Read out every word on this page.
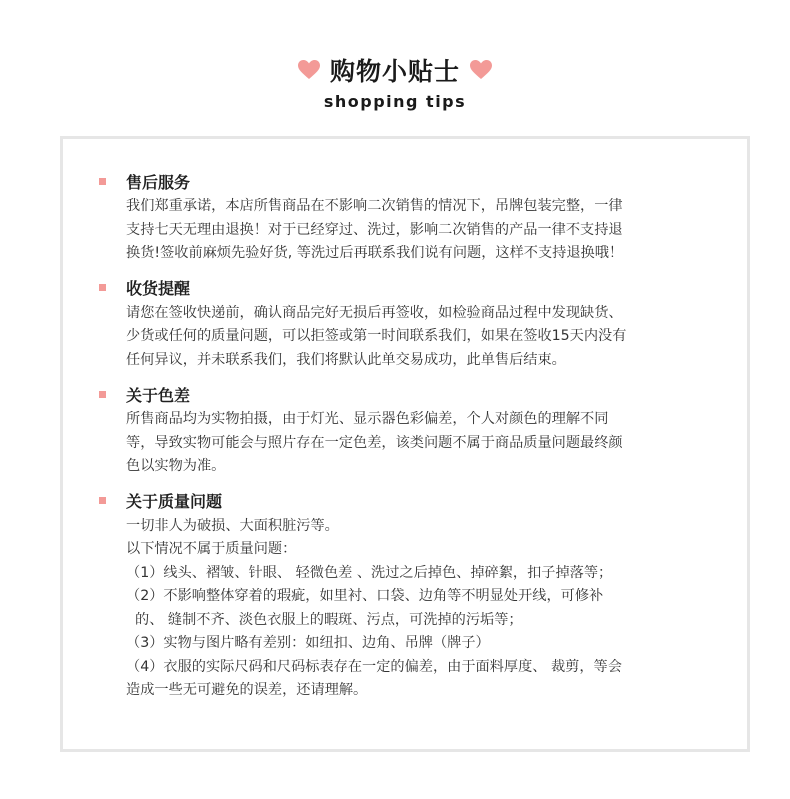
购物小贴士
shopping tips
售后服务
我们郑重承诺，本店所售商品在不影响二次销售的情况下，吊牌包装完整，一律
支持七天无理由退换！对于已经穿过、洗过，影响二次销售的产品一律不支持退
换货!签收前麻烦先验好货, 等洗过后再联系我们说有问题，这样不支持退换哦！
收货提醒
请您在签收快递前，确认商品完好无损后再签收，如检验商品过程中发现缺货、
少货或任何的质量问题，可以拒签或第一时间联系我们，如果在签收15天内没有
任何异议，并未联系我们，我们将默认此单交易成功，此单售后结束。
关于色差
所售商品均为实物拍摄，由于灯光、显示器色彩偏差，个人对颜色的理解不同
等，导致实物可能会与照片存在一定色差，该类问题不属于商品质量问题最终颜
色以实物为准。
关于质量问题
一切非人为破损、大面积脏污等。
以下情况不属于质量问题：
（1）线头、褶皱、针眼、 轻微色差 、洗过之后掉色、掉碎絮，扣子掉落等；
（2）不影响整体穿着的瑕疵，如里衬、口袋、边角等不明显处开线，可修补
的、 缝制不齐、淡色衣服上的暇斑、污点，可洗掉的污垢等；
（3）实物与图片略有差别：如纽扣、边角、吊牌（牌子）
（4）衣服的实际尺码和尺码标表存在一定的偏差，由于面料厚度、 裁剪，等会
造成一些无可避免的误差，还请理解。
